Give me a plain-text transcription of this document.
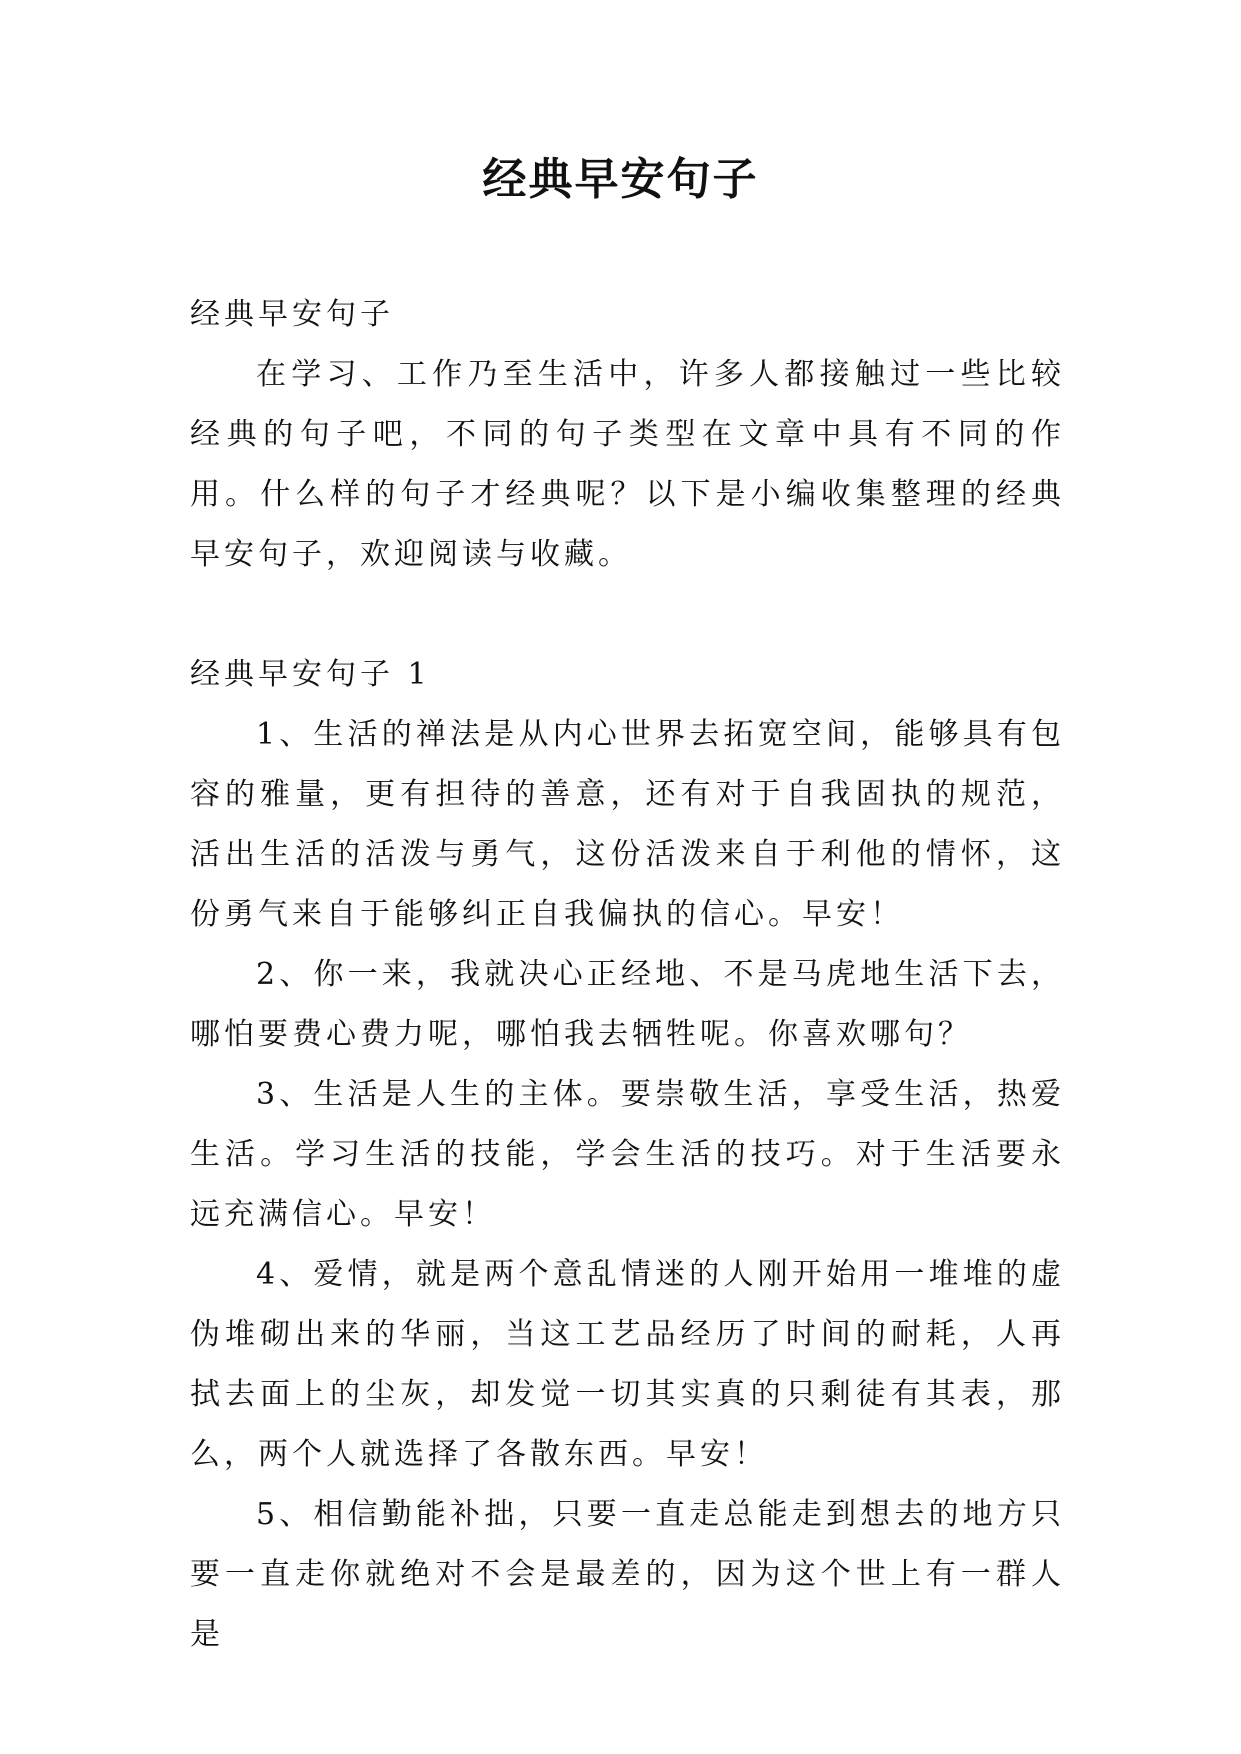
经典早安句子

经典早安句子

在学习、工作乃至生活中，许多人都接触过一些比较经典的句子吧，不同的句子类型在文章中具有不同的作用。什么样的句子才经典呢？以下是小编收集整理的经典早安句子，欢迎阅读与收藏。

经典早安句子 1

1、生活的禅法是从内心世界去拓宽空间，能够具有包容的雅量，更有担待的善意，还有对于自我固执的规范，活出生活的活泼与勇气，这份活泼来自于利他的情怀，这份勇气来自于能够纠正自我偏执的信心。早安！

2、你一来，我就决心正经地、不是马虎地生活下去，哪怕要费心费力呢，哪怕我去牺牲呢。你喜欢哪句？

3、生活是人生的主体。要崇敬生活，享受生活，热爱生活。学习生活的技能，学会生活的技巧。对于生活要永远充满信心。早安！

4、爱情，就是两个意乱情迷的人刚开始用一堆堆的虚伪堆砌出来的华丽，当这工艺品经历了时间的耐耗，人再拭去面上的尘灰，却发觉一切其实真的只剩徒有其表，那么，两个人就选择了各散东西。早安！

5、相信勤能补拙，只要一直走总能走到想去的地方只要一直走你就绝对不会是最差的，因为这个世上有一群人是
